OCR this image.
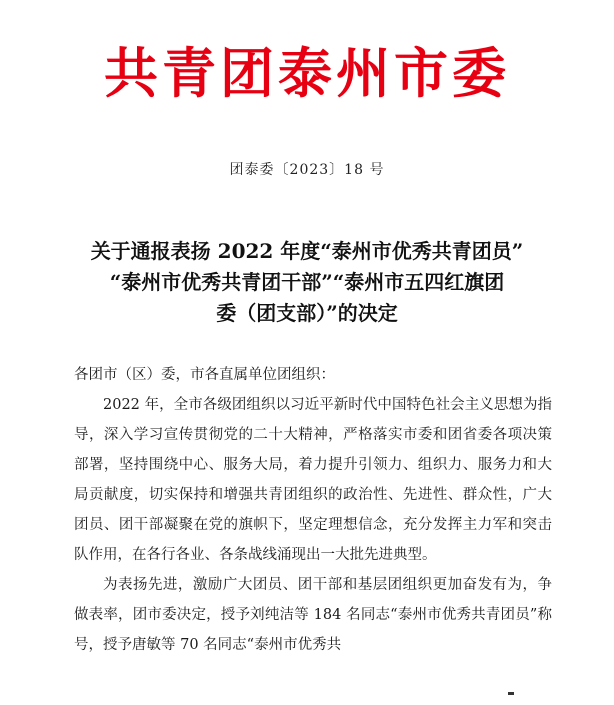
共青团泰州市委
团泰委〔2023〕18 号
关于通报表扬 2022 年度“泰州市优秀共青团员”
“泰州市优秀共青团干部”“泰州市五四红旗团
委（团支部）”的决定

各团市（区）委，市各直属单位团组织：

2022 年，全市各级团组织以习近平新时代中国特色社会主义思想为指导，深入学习宣传贯彻党的二十大精神，严格落实市委和团省委各项决策部署，坚持围绕中心、服务大局，着力提升引领力、组织力、服务力和大局贡献度，切实保持和增强共青团组织的政治性、先进性、群众性，广大团员、团干部凝聚在党的旗帜下，坚定理想信念，充分发挥主力军和突击队作用，在各行各业、各条战线涌现出一大批先进典型。

为表扬先进，激励广大团员、团干部和基层团组织更加奋发有为，争做表率，团市委决定，授予刘纯洁等 184 名同志“泰州市优秀共青团员”称号，授予唐敏等 70 名同志“泰州市优秀共
